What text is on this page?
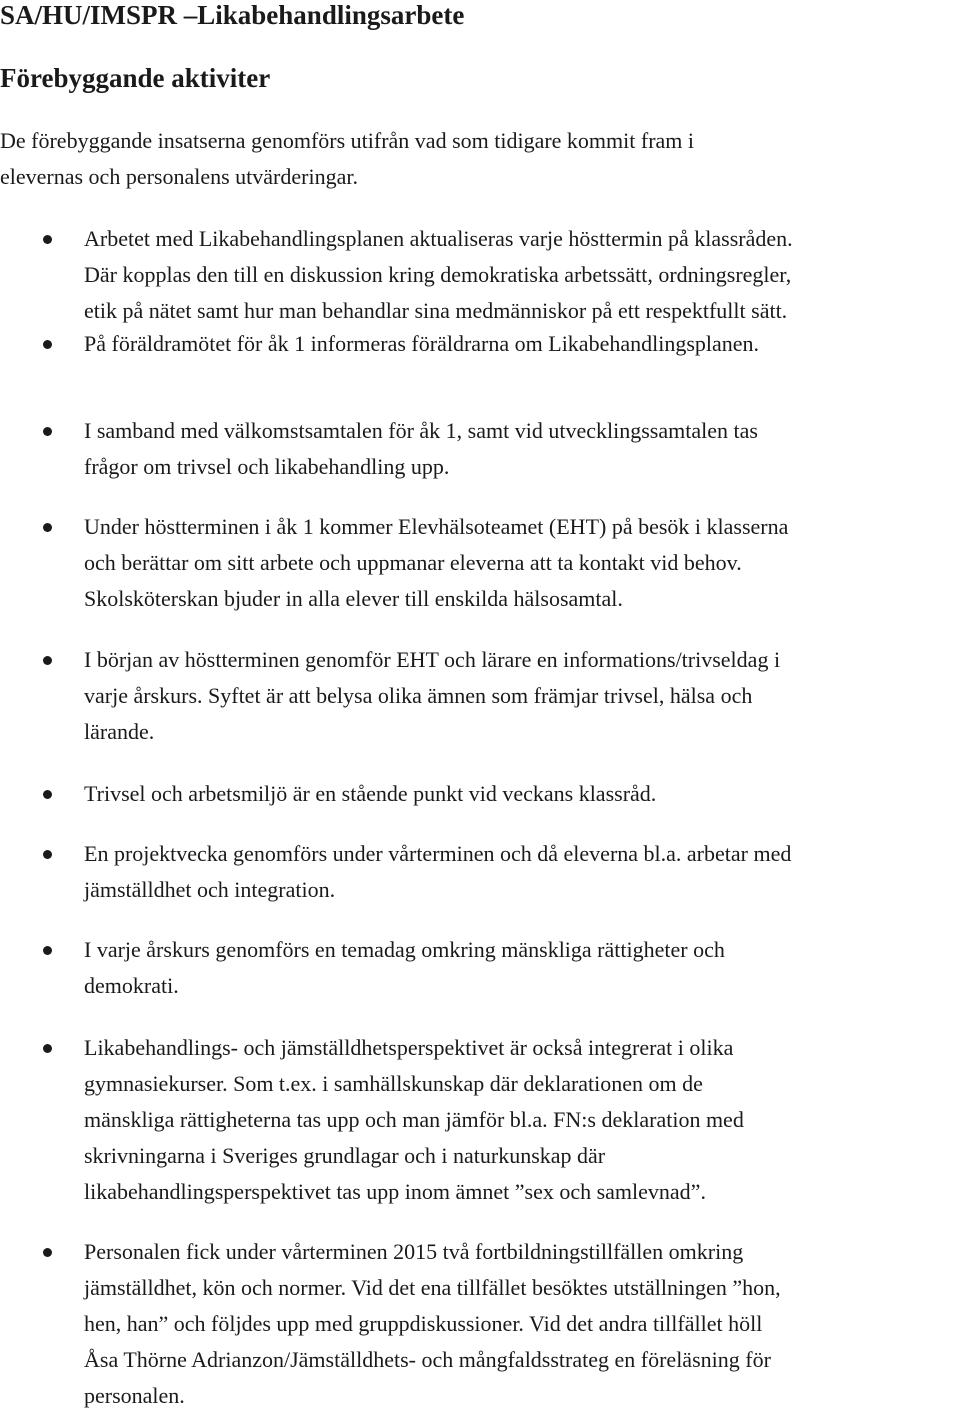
SA/HU/IMSPR –Likabehandlingsarbete
Förebyggande aktiviter

De förebyggande insatserna genomförs utifrån vad som tidigare kommit fram i
elevernas och personalens utvärderingar.

Arbetet med Likabehandlingsplanen aktualiseras varje hösttermin på klassråden.
Där kopplas den till en diskussion kring demokratiska arbetssätt, ordningsregler,
etik på nätet samt hur man behandlar sina medmänniskor på ett respektfullt sätt.

På föräldramötet för åk 1 informeras föräldrarna om Likabehandlingsplanen.

I samband med välkomstsamtalen för åk 1, samt vid utvecklingssamtalen tas
frågor om trivsel och likabehandling upp.

Under höstterminen i åk 1 kommer Elevhälsoteamet (EHT) på besök i klasserna
och berättar om sitt arbete och uppmanar eleverna att ta kontakt vid behov.
Skolsköterskan bjuder in alla elever till enskilda hälsosamtal.

I början av höstterminen genomför EHT och lärare en informations/trivseldag i
varje årskurs. Syftet är att belysa olika ämnen som främjar trivsel, hälsa och
lärande.

Trivsel och arbetsmiljö är en stående punkt vid veckans klassråd.

En projektvecka genomförs under vårterminen och då eleverna bl.a. arbetar med
jämställdhet och integration.

I varje årskurs genomförs en temadag omkring mänskliga rättigheter och
demokrati.

Likabehandlings- och jämställdhetsperspektivet är också integrerat i olika
gymnasiekurser. Som t.ex. i samhällskunskap där deklarationen om de
mänskliga rättigheterna tas upp och man jämför bl.a. FN:s deklaration med
skrivningarna i Sveriges grundlagar och i naturkunskap där
likabehandlingsperspektivet tas upp inom ämnet ”sex och samlevnad”.

Personalen fick under vårterminen 2015 två fortbildningstillfällen omkring
jämställdhet, kön och normer. Vid det ena tillfället besöktes utställningen ”hon,
hen, han” och följdes upp med gruppdiskussioner. Vid det andra tillfället höll
Åsa Thörne Adrianzon/Jämställdhets- och mångfaldsstrateg en föreläsning för
personalen.
